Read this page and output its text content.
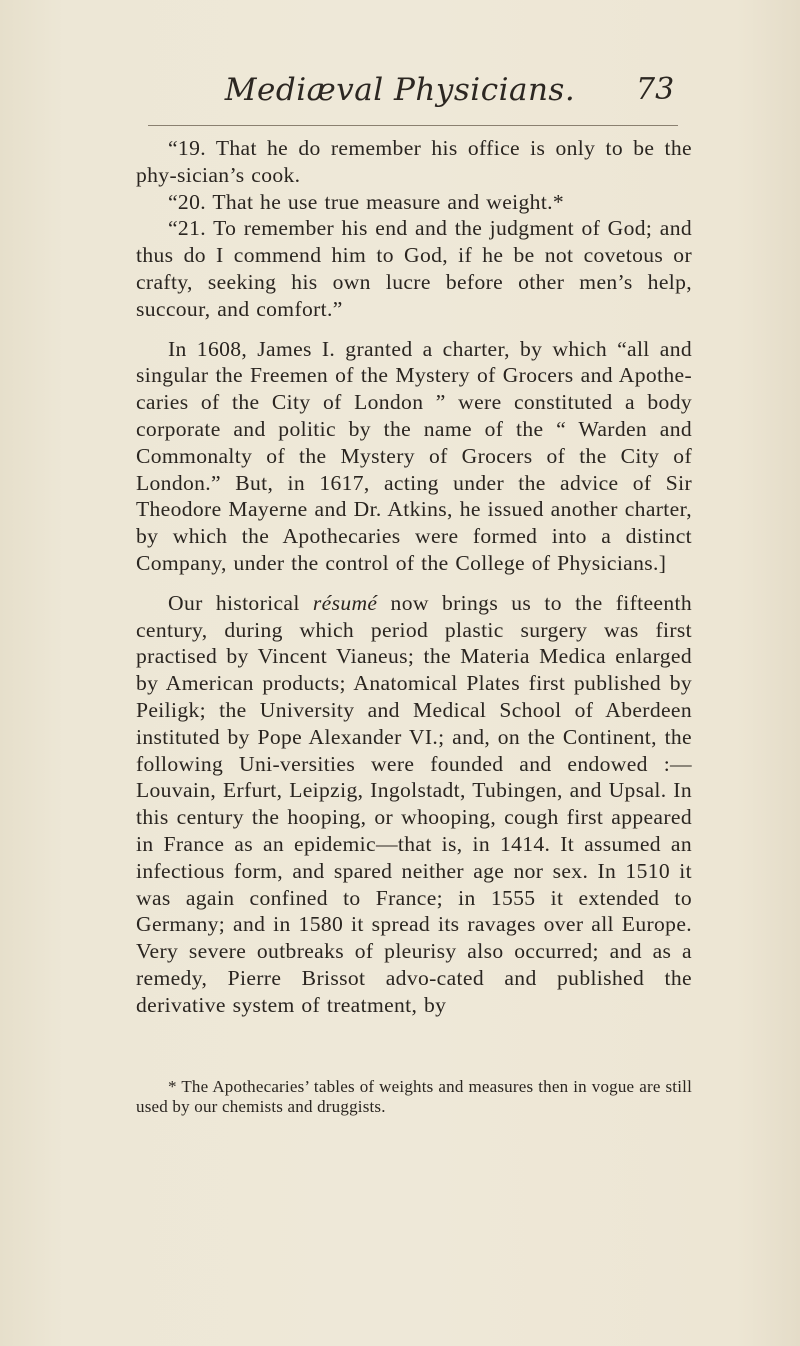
Mediæval Physicians.	73

“19. That he do remember his office is only to be the phy-sician’s cook.

“20. That he use true measure and weight.*

“21. To remember his end and the judgment of God; and thus do I commend him to God, if he be not covetous or crafty, seeking his own lucre before other men’s help, succour, and comfort.”

In 1608, James I. granted a charter, by which “all and singular the Freemen of the Mystery of Grocers and Apothe-caries of the City of London ” were constituted a body corporate and politic by the name of the “ Warden and Commonalty of the Mystery of Grocers of the City of London.” But, in 1617, acting under the advice of Sir Theodore Mayerne and Dr. Atkins, he issued another charter, by which the Apothecaries were formed into a distinct Company, under the control of the College of Physicians.]

Our historical résumé now brings us to the fifteenth century, during which period plastic surgery was first practised by Vincent Vianeus; the Materia Medica enlarged by American products; Anatomical Plates first published by Peiligk; the University and Medical School of Aberdeen instituted by Pope Alexander VI.; and, on the Continent, the following Uni-versities were founded and endowed :—Louvain, Erfurt, Leipzig, Ingolstadt, Tubingen, and Upsal. In this century the hooping, or whooping, cough first appeared in France as an epidemic—that is, in 1414. It assumed an infectious form, and spared neither age nor sex. In 1510 it was again confined to France; in 1555 it extended to Germany; and in 1580 it spread its ravages over all Europe. Very severe outbreaks of pleurisy also occurred; and as a remedy, Pierre Brissot advo-cated and published the derivative system of treatment, by

* The Apothecaries’ tables of weights and measures then in vogue are still used by our chemists and druggists.
